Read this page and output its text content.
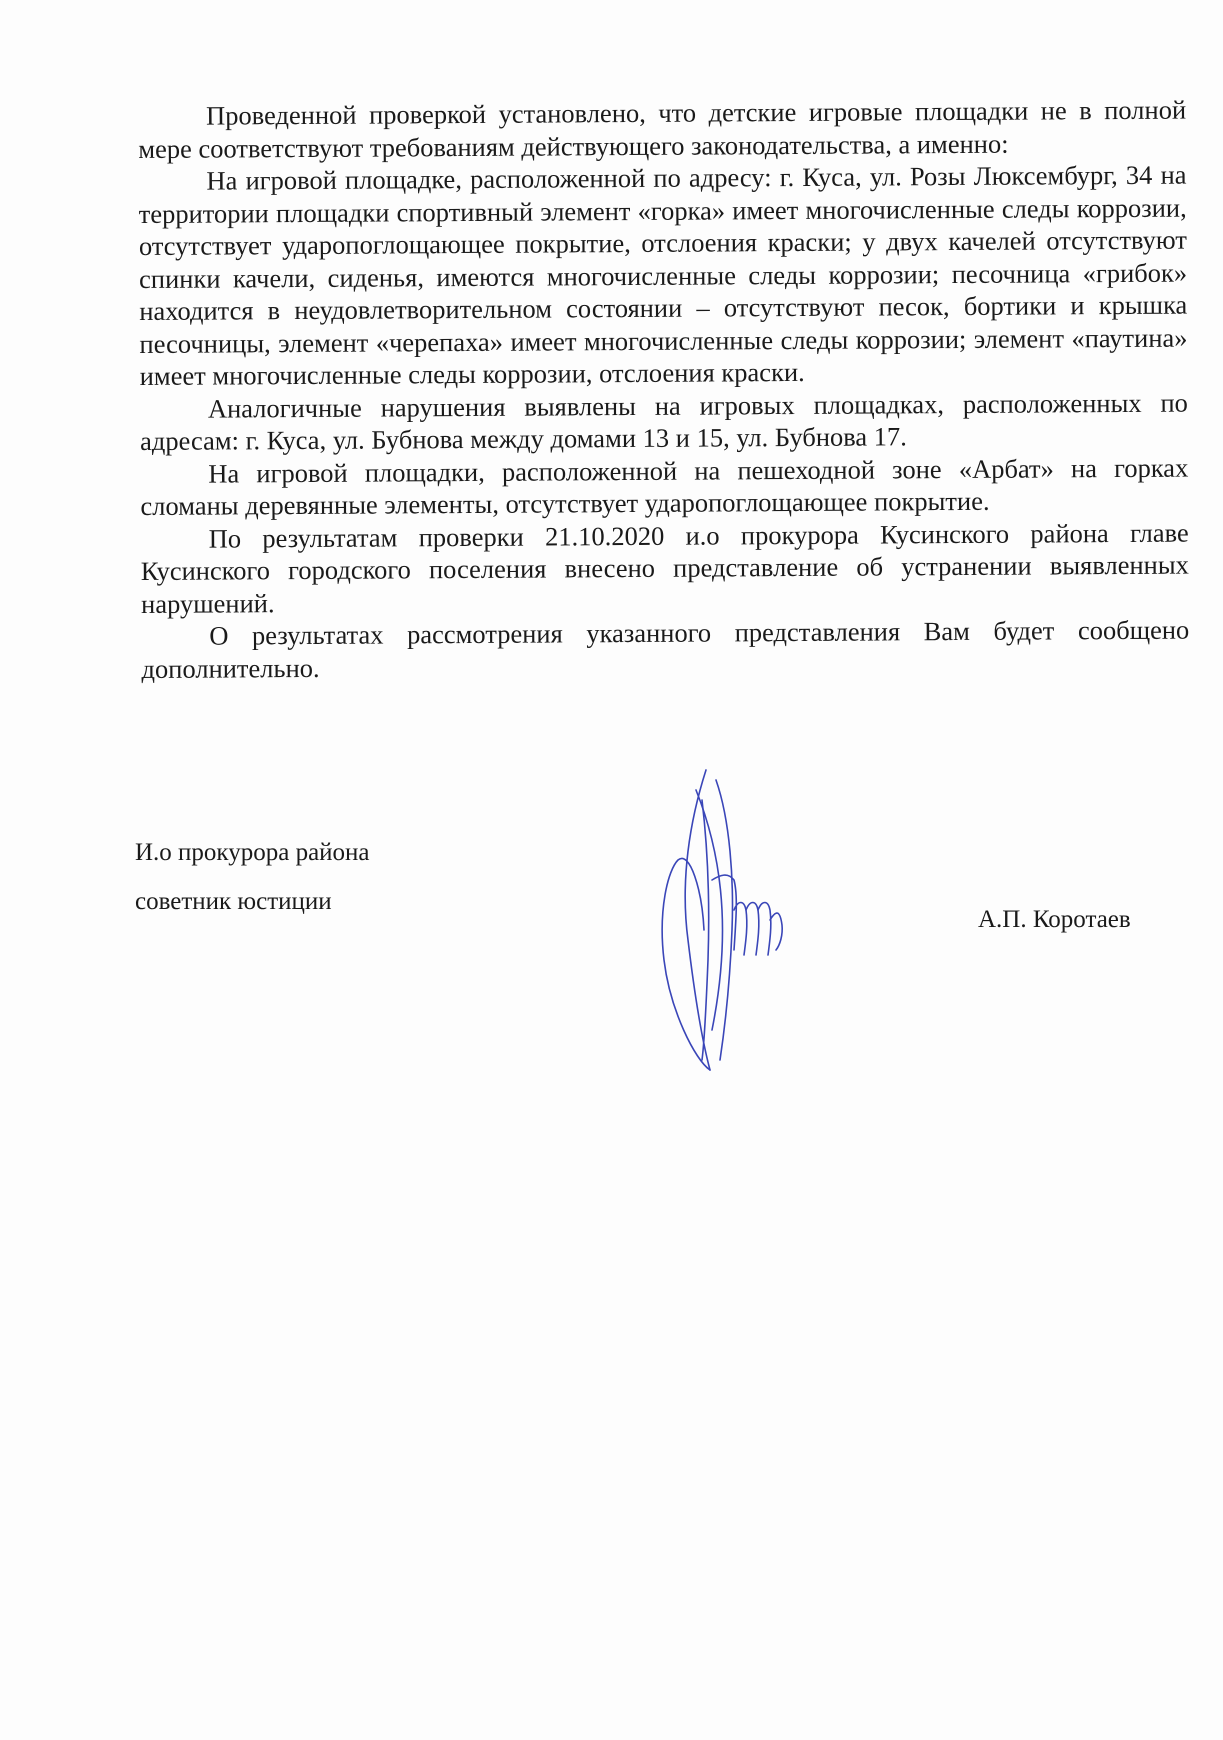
Проведенной проверкой установлено, что детские игровые площадки не в полной мере соответствуют требованиям действующего законодательства, а именно:

На игровой площадке, расположенной по адресу: г. Куса, ул. Розы Люксембург, 34 на территории площадки спортивный элемент «горка» имеет многочисленные следы коррозии, отсутствует ударопоглощающее покрытие, отслоения краски; у двух качелей отсутствуют спинки качели, сиденья, имеются многочисленные следы коррозии; песочница «грибок» находится в неудовлетворительном состоянии – отсутствуют песок, бортики и крышка песочницы, элемент «черепаха» имеет многочисленные следы коррозии; элемент «паутина» имеет многочисленные следы коррозии, отслоения краски.

Аналогичные нарушения выявлены на игровых площадках, расположенных по адресам: г. Куса, ул. Бубнова между домами 13 и 15, ул. Бубнова 17.

На игровой площадки, расположенной на пешеходной зоне «Арбат» на горках сломаны деревянные элементы, отсутствует ударопоглощающее покрытие.

По результатам проверки 21.10.2020 и.о прокурора Кусинского района главе Кусинского городского поселения внесено представление об устранении выявленных нарушений.

О результатах рассмотрения указанного представления Вам будет сообщено дополнительно.

И.о прокурора района
советник юстиции
А.П. Коротаев
